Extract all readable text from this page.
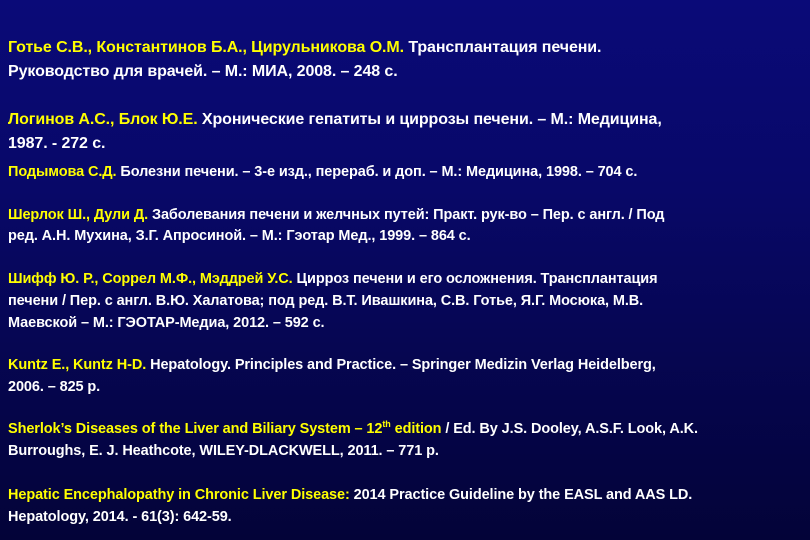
Готье С.В., Константинов Б.А., Цирульникова О.М. Трансплантация печени.
Руководство для врачей. – М.: МИА, 2008. – 248 с.
Логинов А.С., Блок Ю.Е. Хронические гепатиты и циррозы печени. – М.: Медицина,
1987. - 272 с.
Подымова С.Д. Болезни печени. – 3-е изд., перераб. и доп. – М.: Медицина, 1998. – 704 с.
Шерлок Ш., Дули Д. Заболевания печени и желчных путей: Практ. рук-во – Пер. с англ. / Под
ред. А.Н. Мухина, З.Г. Апросиной. – М.: Гэотар Мед., 1999. – 864 с.
Шифф Ю. Р., Соррел М.Ф., Мэддрей У.С. Цирроз печени и его осложнения. Трансплантация
печени / Пер. с англ. В.Ю. Халатова; под ред. В.Т. Ивашкина, С.В. Готье, Я.Г. Мосюка, М.В.
Маевской – М.: ГЭОТАР-Медиа, 2012. – 592 с.
Kuntz E., Kuntz H-D. Hepatology. Principles and Practice. – Springer Medizin Verlag Heidelberg,
2006. – 825 p.
Sherlok’s Diseases of the Liver and Biliary System – 12th edition / Ed. By J.S. Dooley, A.S.F. Look, A.K.
Burroughs, E. J. Heathcote, WILEY-DLACKWELL, 2011. – 771 p.
Hepatic Encephalopathy in Chronic Liver Disease: 2014 Practice Guideline by the EASL and AAS LD.
Hepatology, 2014. - 61(3): 642-59.
